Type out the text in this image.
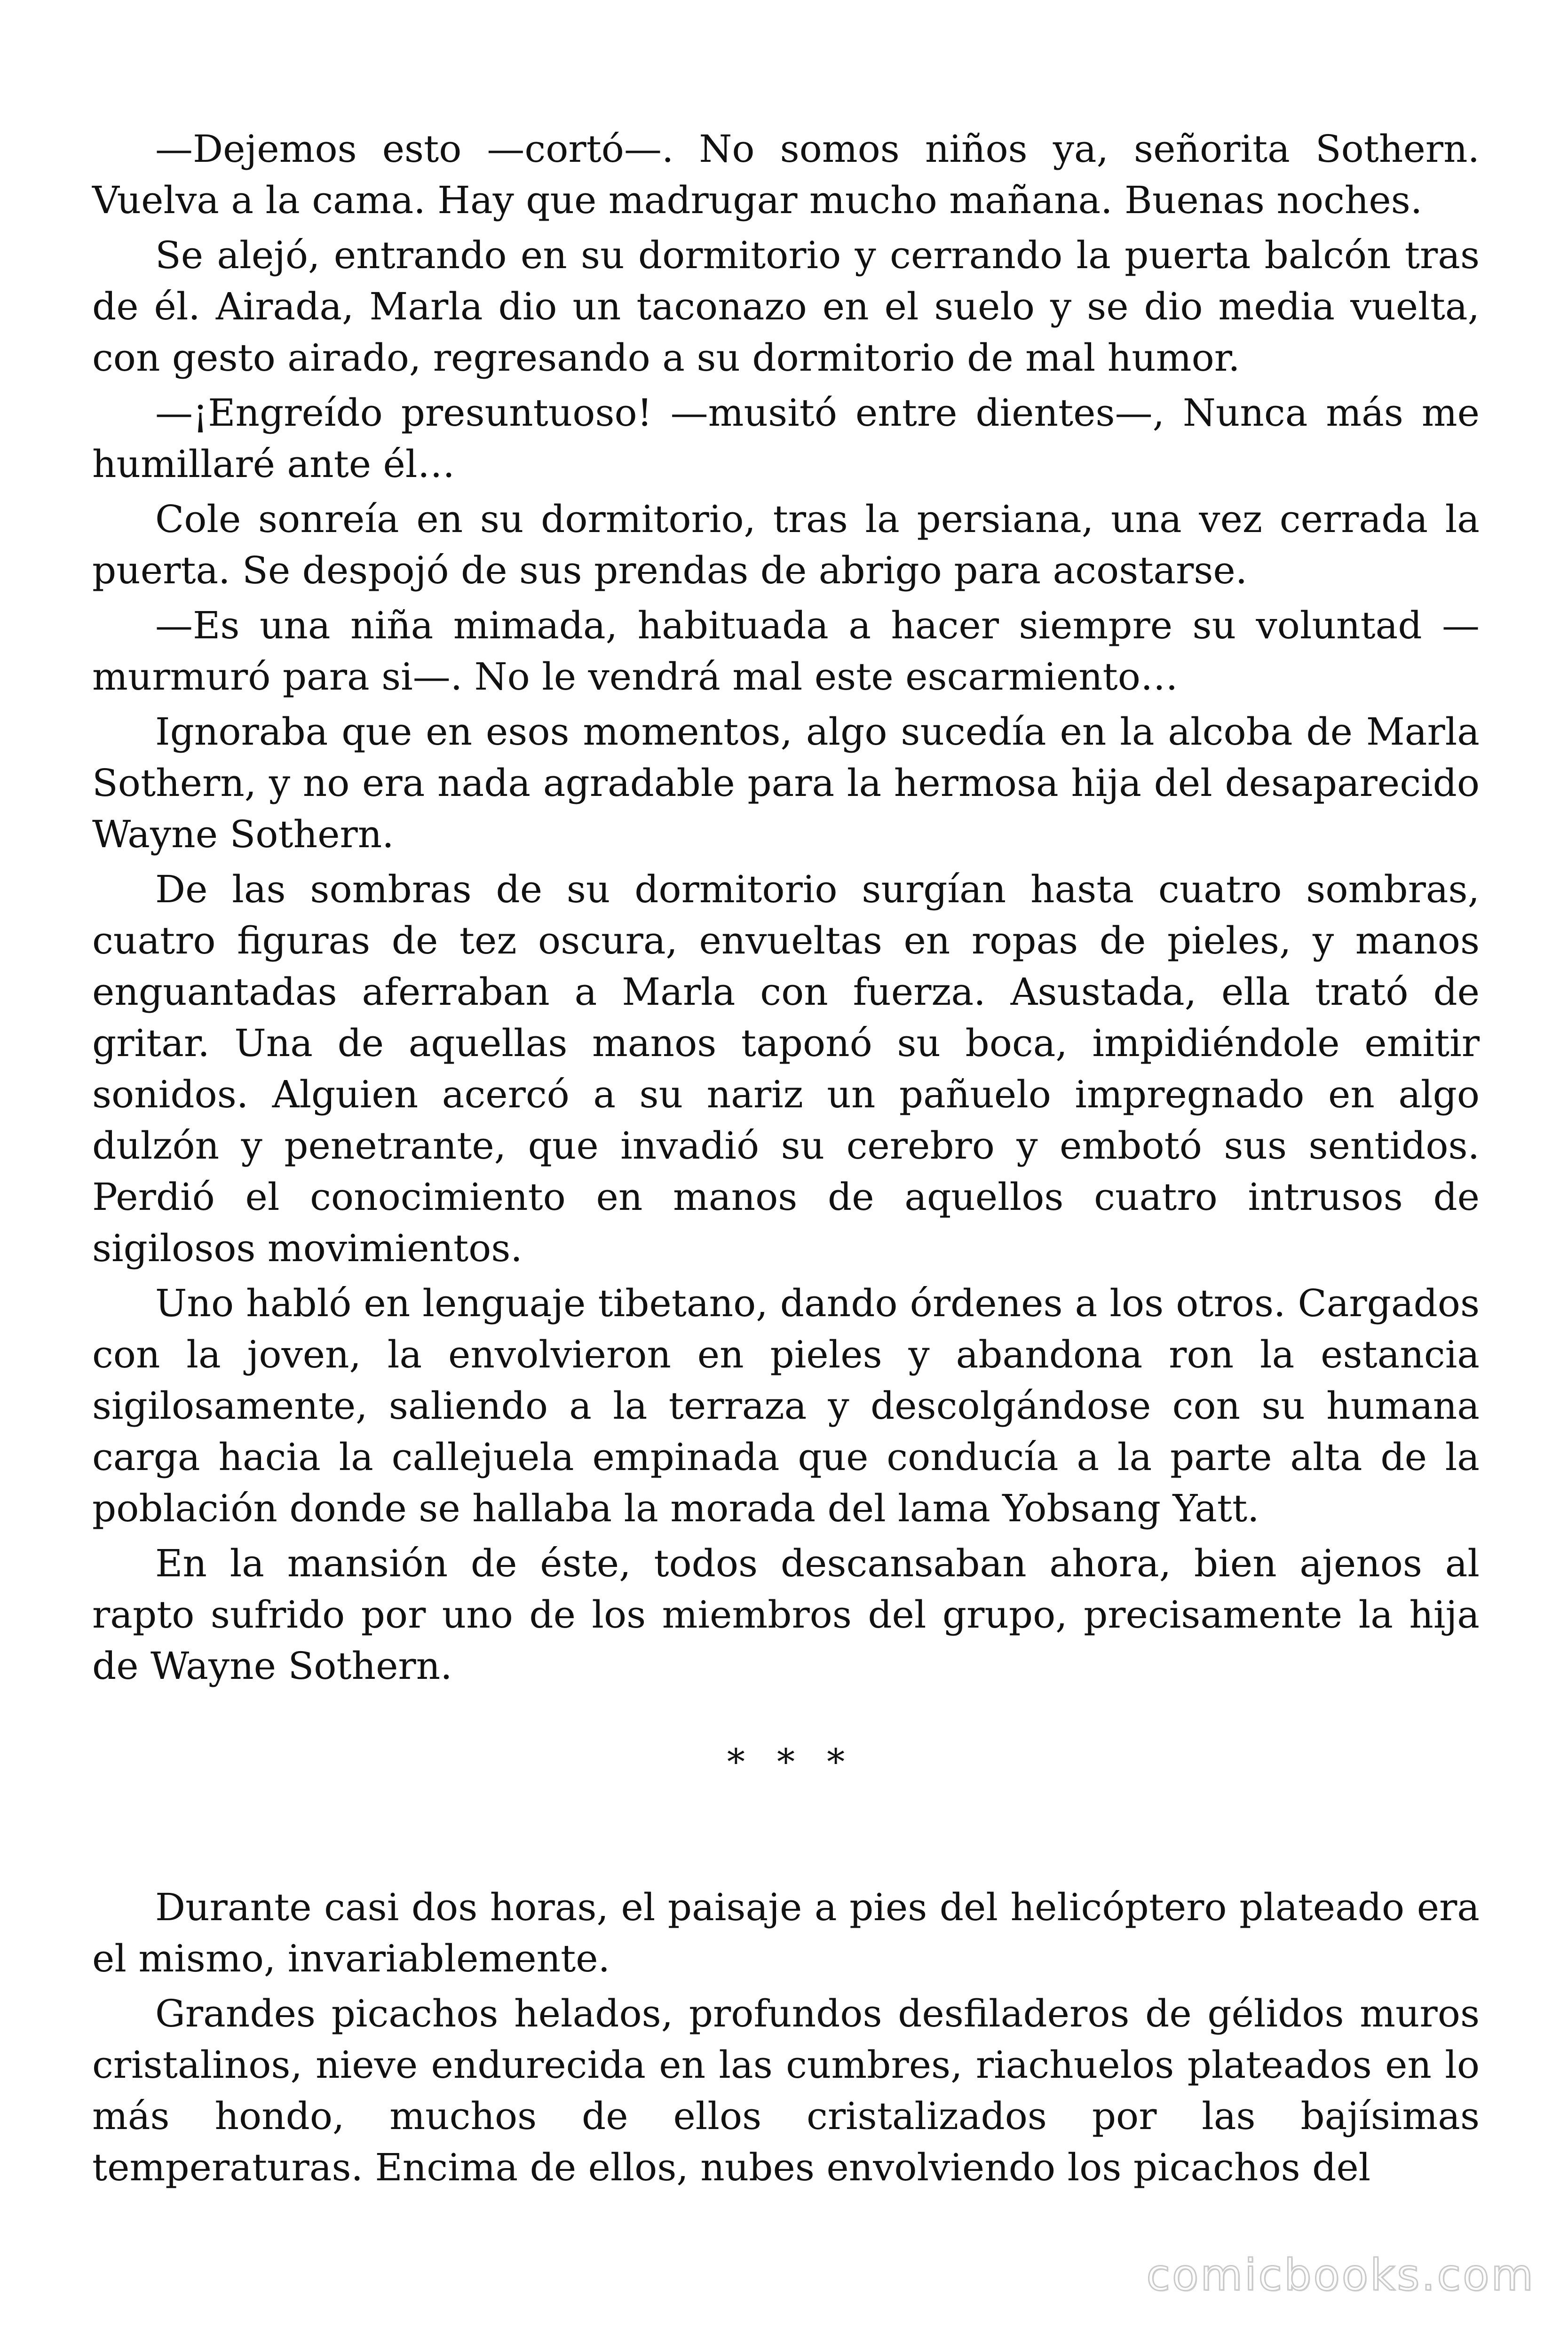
—Dejemos esto —cortó—. No somos niños ya, señorita Sothern. Vuelva a la cama. Hay que madrugar mucho mañana. Buenas noches.

Se alejó, entrando en su dormitorio y cerrando la puerta balcón tras de él. Airada, Marla dio un taconazo en el suelo y se dio media vuelta, con gesto airado, regresando a su dormitorio de mal humor.

—¡Engreído presuntuoso! —musitó entre dientes—, Nunca más me humillaré ante él…

Cole sonreía en su dormitorio, tras la persiana, una vez cerrada la puerta. Se despojó de sus prendas de abrigo para acostarse.

—Es una niña mimada, habituada a hacer siempre su voluntad —murmuró para si—. No le vendrá mal este escarmiento…

Ignoraba que en esos momentos, algo sucedía en la alcoba de Marla Sothern, y no era nada agradable para la hermosa hija del desaparecido Wayne Sothern.

De las sombras de su dormitorio surgían hasta cuatro sombras, cuatro figuras de tez oscura, envueltas en ropas de pieles, y manos enguantadas aferraban a Marla con fuerza. Asustada, ella trató de gritar. Una de aquellas manos taponó su boca, impidiéndole emitir sonidos. Alguien acercó a su nariz un pañuelo impregnado en algo dulzón y penetrante, que invadió su cerebro y embotó sus sentidos. Perdió el conocimiento en manos de aquellos cuatro intrusos de sigilosos movimientos.

Uno habló en lenguaje tibetano, dando órdenes a los otros. Cargados con la joven, la envolvieron en pieles y abandona ron la estancia sigilosamente, saliendo a la terraza y descolgándose con su humana carga hacia la callejuela empinada que conducía a la parte alta de la población donde se hallaba la morada del lama Yobsang Yatt.

En la mansión de éste, todos descansaban ahora, bien ajenos al rapto sufrido por uno de los miembros del grupo, precisamente la hija de Wayne Sothern.

* * *

Durante casi dos horas, el paisaje a pies del helicóptero plateado era el mismo, invariablemente.

Grandes picachos helados, profundos desfiladeros de gélidos muros cristalinos, nieve endurecida en las cumbres, riachuelos plateados en lo más hondo, muchos de ellos cristalizados por las bajísimas temperaturas. Encima de ellos, nubes envolviendo los picachos del

comicbooks.com
